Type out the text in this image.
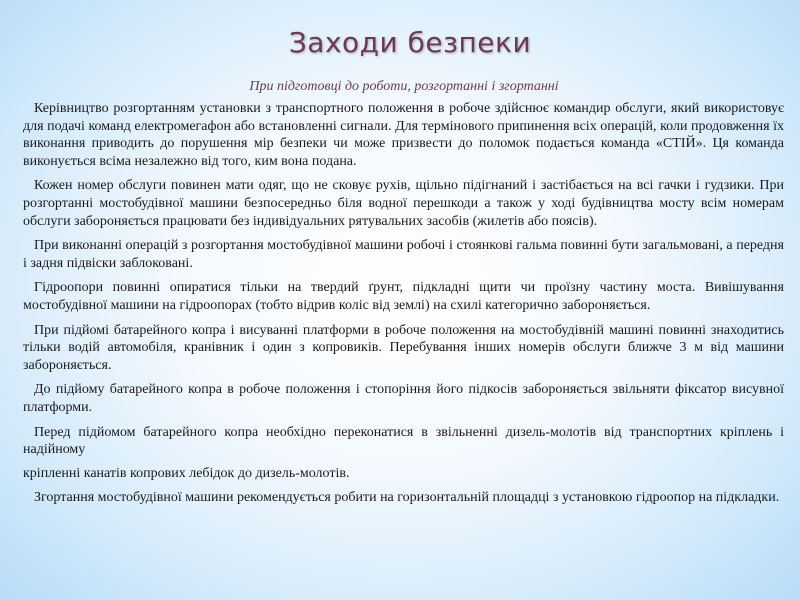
Заходи безпеки
При підготовці до роботи, розгортанні і згортанні

Керівництво розгортанням установки з транспортного положення в робоче здійснює командир обслуги, який використовує для подачі команд електромегафон або встановленні сигнали. Для термінового припинення всіх операцій, коли продовження їх виконання приводить до порушення мір безпеки чи може призвести до поломок подається команда «СТІЙ». Ця команда виконується всіма незалежно від того, ким вона подана.

Кожен номер обслуги повинен мати одяг, що не сковує рухів, щільно підігнаний і застібається на всі гачки і гудзики. При розгортанні мостобудівної машини безпосередньо біля водної перешкоди а також у ході будівництва мосту всім номерам обслуги забороняється працювати без індивідуальних рятувальних засобів (жилетів або поясів).

При виконанні операцій з розгортання мостобудівної машини робочі і стоянкові гальма повинні бути загальмовані, а передня і задня підвіски заблоковані.

Гідроопори повинні опиратися тільки на твердий ґрунт, підкладні щити чи проїзну частину моста. Вивішування мостобудівної машини на гідроопорах (тобто відрив коліс від землі) на схилі категорично забороняється.

При підйомі батарейного копра і висуванні платформи в робоче положення на мостобудівній машині повинні знаходитись тільки водій автомобіля, кранівник і один з копровиків. Перебування інших номерів обслуги ближче 3 м від машини забороняється.

До підйому батарейного копра в робоче положення і стопоріння його підкосів забороняється звільняти фіксатор висувної платформи.

Перед підйомом батарейного копра необхідно переконатися в звільненні дизель-молотів від транспортних кріплень і надійному

кріпленні канатів копрових лебідок до дизель-молотів.

Згортання мостобудівної машини рекомендується робити на горизонтальній площадці з установкою гідроопор на підкладки.
